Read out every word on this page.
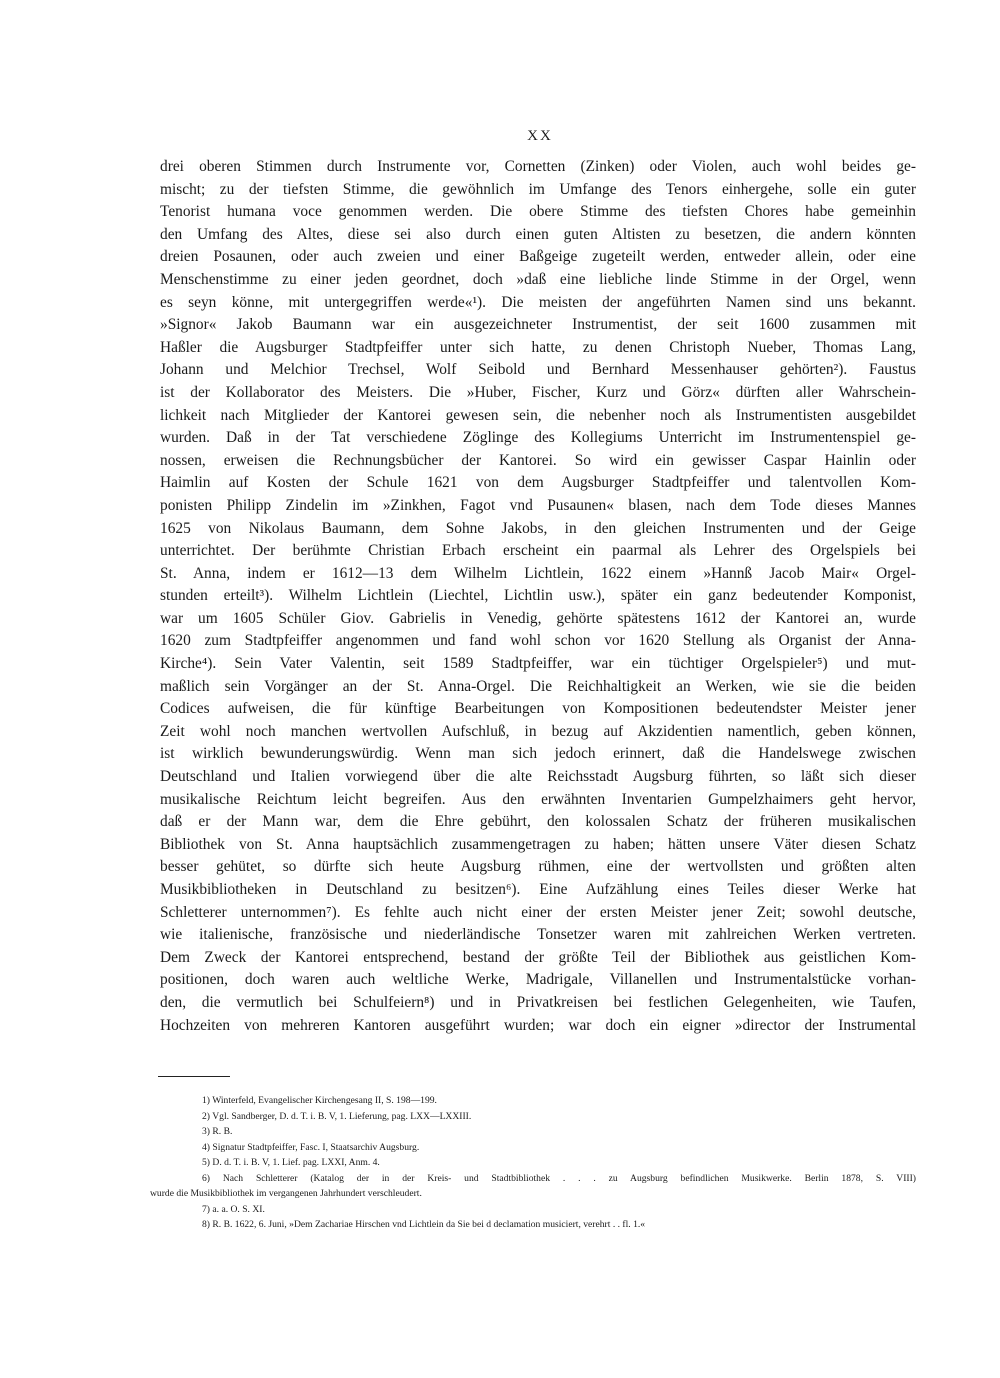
XX
drei oberen Stimmen durch Instrumente vor, Cornetten (Zinken) oder Violen, auch wohl beides ge-
mischt; zu der tiefsten Stimme, die gewöhnlich im Umfange des Tenors einhergehe, solle ein guter
Tenorist humana voce genommen werden. Die obere Stimme des tiefsten Chores habe gemeinhin
den Umfang des Altes, diese sei also durch einen guten Altisten zu besetzen, die andern könnten
dreien Posaunen, oder auch zweien und einer Baßgeige zugeteilt werden, entweder allein, oder eine
Menschenstimme zu einer jeden geordnet, doch »daß eine liebliche linde Stimme in der Orgel, wenn
es seyn könne, mit untergegriffen werde«¹). Die meisten der angeführten Namen sind uns bekannt.
»Signor« Jakob Baumann war ein ausgezeichneter Instrumentist, der seit 1600 zusammen mit
Haßler die Augsburger Stadtpfeiffer unter sich hatte, zu denen Christoph Nueber, Thomas Lang,
Johann und Melchior Trechsel, Wolf Seibold und Bernhard Messenhauser gehörten²). Faustus
ist der Kollaborator des Meisters. Die »Huber, Fischer, Kurz und Görz« dürften aller Wahrschein-
lichkeit nach Mitglieder der Kantorei gewesen sein, die nebenher noch als Instrumentisten ausgebildet
wurden. Daß in der Tat verschiedene Zöglinge des Kollegiums Unterricht im Instrumentenspiel ge-
nossen, erweisen die Rechnungsbücher der Kantorei. So wird ein gewisser Caspar Hainlin oder
Haimlin auf Kosten der Schule 1621 von dem Augsburger Stadtpfeiffer und talentvollen Kom-
ponisten Philipp Zindelin im »Zinkhen, Fagot vnd Pusaunen« blasen, nach dem Tode dieses Mannes
1625 von Nikolaus Baumann, dem Sohne Jakobs, in den gleichen Instrumenten und der Geige
unterrichtet. Der berühmte Christian Erbach erscheint ein paarmal als Lehrer des Orgelspiels bei
St. Anna, indem er 1612—13 dem Wilhelm Lichtlein, 1622 einem »Hannß Jacob Mair« Orgel-
stunden erteilt³). Wilhelm Lichtlein (Liechtel, Lichtlin usw.), später ein ganz bedeutender Komponist,
war um 1605 Schüler Giov. Gabrielis in Venedig, gehörte spätestens 1612 der Kantorei an, wurde
1620 zum Stadtpfeiffer angenommen und fand wohl schon vor 1620 Stellung als Organist der Anna-
Kirche⁴). Sein Vater Valentin, seit 1589 Stadtpfeiffer, war ein tüchtiger Orgelspieler⁵) und mut-
maßlich sein Vorgänger an der St. Anna-Orgel. Die Reichhaltigkeit an Werken, wie sie die beiden
Codices aufweisen, die für künftige Bearbeitungen von Kompositionen bedeutendster Meister jener
Zeit wohl noch manchen wertvollen Aufschluß, in bezug auf Akzidentien namentlich, geben können,
ist wirklich bewunderungswürdig. Wenn man sich jedoch erinnert, daß die Handelswege zwischen
Deutschland und Italien vorwiegend über die alte Reichsstadt Augsburg führten, so läßt sich dieser
musikalische Reichtum leicht begreifen. Aus den erwähnten Inventarien Gumpelzhaimers geht hervor,
daß er der Mann war, dem die Ehre gebührt, den kolossalen Schatz der früheren musikalischen
Bibliothek von St. Anna hauptsächlich zusammengetragen zu haben; hätten unsere Väter diesen Schatz
besser gehütet, so dürfte sich heute Augsburg rühmen, eine der wertvollsten und größten alten
Musikbibliotheken in Deutschland zu besitzen⁶). Eine Aufzählung eines Teiles dieser Werke hat
Schletterer unternommen⁷). Es fehlte auch nicht einer der ersten Meister jener Zeit; sowohl deutsche,
wie italienische, französische und niederländische Tonsetzer waren mit zahlreichen Werken vertreten.
Dem Zweck der Kantorei entsprechend, bestand der größte Teil der Bibliothek aus geistlichen Kom-
positionen, doch waren auch weltliche Werke, Madrigale, Villanellen und Instrumentalstücke vorhan-
den, die vermutlich bei Schulfeiern⁸) und in Privatkreisen bei festlichen Gelegenheiten, wie Taufen,
Hochzeiten von mehreren Kantoren ausgeführt wurden; war doch ein eigner »director der Instrumental
1) Winterfeld, Evangelischer Kirchengesang II, S. 198—199.
2) Vgl. Sandberger, D. d. T. i. B. V, 1. Lieferung, pag. LXX—LXXIII.
3) R. B.
4) Signatur Stadtpfeiffer, Fasc. I, Staatsarchiv Augsburg.
5) D. d. T. i. B. V, 1. Lief. pag. LXXI, Anm. 4.
6) Nach Schletterer (Katalog der in der Kreis- und Stadtbibliothek . . . zu Augsburg befindlichen Musikwerke. Berlin 1878, S. VIII)
wurde die Musikbibliothek im vergangenen Jahrhundert verschleudert.
7) a. a. O. S. XI.
8) R. B. 1622, 6. Juni, »Dem Zachariae Hirschen vnd Lichtlein da Sie bei d declamation musiciert, verehrt . . fl. 1.«
